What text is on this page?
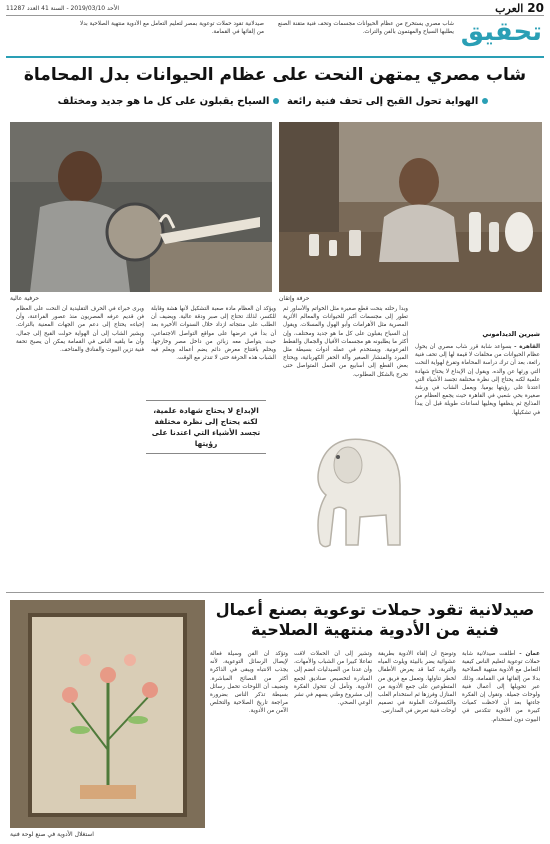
20
العرب
الأحد 2019/03/10 - السنة 41 العدد 11287
تحقيق
شاب مصري يستخرج من عظام الحيوانات مجسمات وتحف فنية متقنة الصنع يطلبها السياح والمهتمون بالفن والتراث.
صيدلانية تقود حملات توعوية بمصر لتعليم التعامل مع الأدوية منتهية الصلاحية بدلا من إلقائها في القمامة.
شاب مصري يمتهن النحت على عظام الحيوانات بدل المحاماة
الهواية تحول القبح إلى تحف فنية رائعة السياح يقبلون على كل ما هو جديد ومختلف
حرفة وإتقان
حرفية عالية
شيرين الديداموني
القاهرة - بسواعد شابة قرر شاب مصري أن يحول عظام الحيوانات من مخلفات لا قيمة لها إلى تحف فنية رائعة، بعد أن ترك دراسة المحاماة وتفرغ لهواية النحت التي ورثها عن والده. ويقول إن الإبداع لا يحتاج شهادة علمية لكنه يحتاج إلى نظرة مختلفة تجسد الأشياء التي اعتدنا على رؤيتها يوميا. ويعمل الشاب في ورشة صغيرة بحي شعبي في القاهرة حيث يجمع العظام من المذابح ثم ينظفها ويغليها لساعات طويلة قبل أن يبدأ في تشكيلها.
وبدأ رحلته بنحت قطع صغيرة مثل الخواتم والأساور ثم تطور إلى مجسمات أكبر للحيوانات والمعالم الأثرية المصرية مثل الأهرامات وأبو الهول والمسلات. ويقول إن السياح يقبلون على كل ما هو جديد ومختلف، وإن أكثر ما يطلبونه هو مجسمات الأفيال والجمال والقطط الفرعونية. ويستخدم في عمله أدوات بسيطة مثل المبرد والمنشار الصغير وآلة الحفر الكهربائية، ويحتاج بعض القطع إلى أسابيع من العمل المتواصل حتى تخرج بالشكل المطلوب.
ويؤكد أن العظام مادة صعبة التشكيل لأنها هشة وقابلة للكسر، لذلك تحتاج إلى صبر ودقة عالية. ويضيف أن الطلب على منتجاته ازداد خلال السنوات الأخيرة بعد أن بدأ في عرضها على مواقع التواصل الاجتماعي، حيث يتواصل معه زبائن من داخل مصر وخارجها. ويحلم بافتتاح معرض دائم يضم أعماله ويعلم فيه الشباب هذه الحرفة حتى لا تندثر مع الوقت.
ويرى خبراء في الحرف التقليدية أن النحت على العظام فن قديم عرفه المصريون منذ عصور الفراعنة، وأن إحياءه يحتاج إلى دعم من الجهات المعنية بالتراث. ويشير الشاب إلى أن الهواية حولت القبح إلى جمال، وأن ما يلقيه الناس في القمامة يمكن أن يصبح تحفة فنية تزين البيوت والفنادق والمتاحف.
الإبداع لا يحتاج شهادة علمية، لكنه يحتاج إلى نظرة مختلفة تجسد الأشياء التي اعتدنا على رؤيتها
صيدلانية تقود حملات توعوية بصنع أعمال فنية من الأدوية منتهية الصلاحية
استغلال الأدوية في صنع لوحة فنية
عمان - أطلقت صيدلانية شابة حملات توعوية لتعليم الناس كيفية التعامل مع الأدوية منتهية الصلاحية بدلا من إلقائها في القمامة، وذلك عبر تحويلها إلى أعمال فنية ولوحات جميلة. وتقول إن الفكرة جاءتها بعد أن لاحظت كميات كبيرة من الأدوية تتكدس في البيوت دون استخدام.
وتوضح أن إلقاء الأدوية بطريقة عشوائية يضر بالبيئة ويلوث المياه والتربة، كما قد يعرض الأطفال لخطر تناولها. وتعمل مع فريق من المتطوعين على جمع الأدوية من المنازل وفرزها ثم استخدام العلب والكبسولات الملونة في تصميم لوحات فنية تعرض في المدارس.
وتشير إلى أن الحملات لاقت تفاعلا كبيرا من الشباب والأمهات، وأن عددا من الصيدليات انضم إلى المبادرة لتخصيص صناديق لجمع الأدوية. وتأمل أن تتحول الفكرة إلى مشروع وطني يسهم في نشر الوعي الصحي.
وتؤكد أن الفن وسيلة فعالة لإيصال الرسائل التوعوية، لأنه يجذب الانتباه ويبقى في الذاكرة أكثر من النصائح المباشرة. وتضيف أن اللوحات تحمل رسائل بسيطة تذكر الناس بضرورة مراجعة تاريخ الصلاحية والتخلص الآمن من الأدوية.
